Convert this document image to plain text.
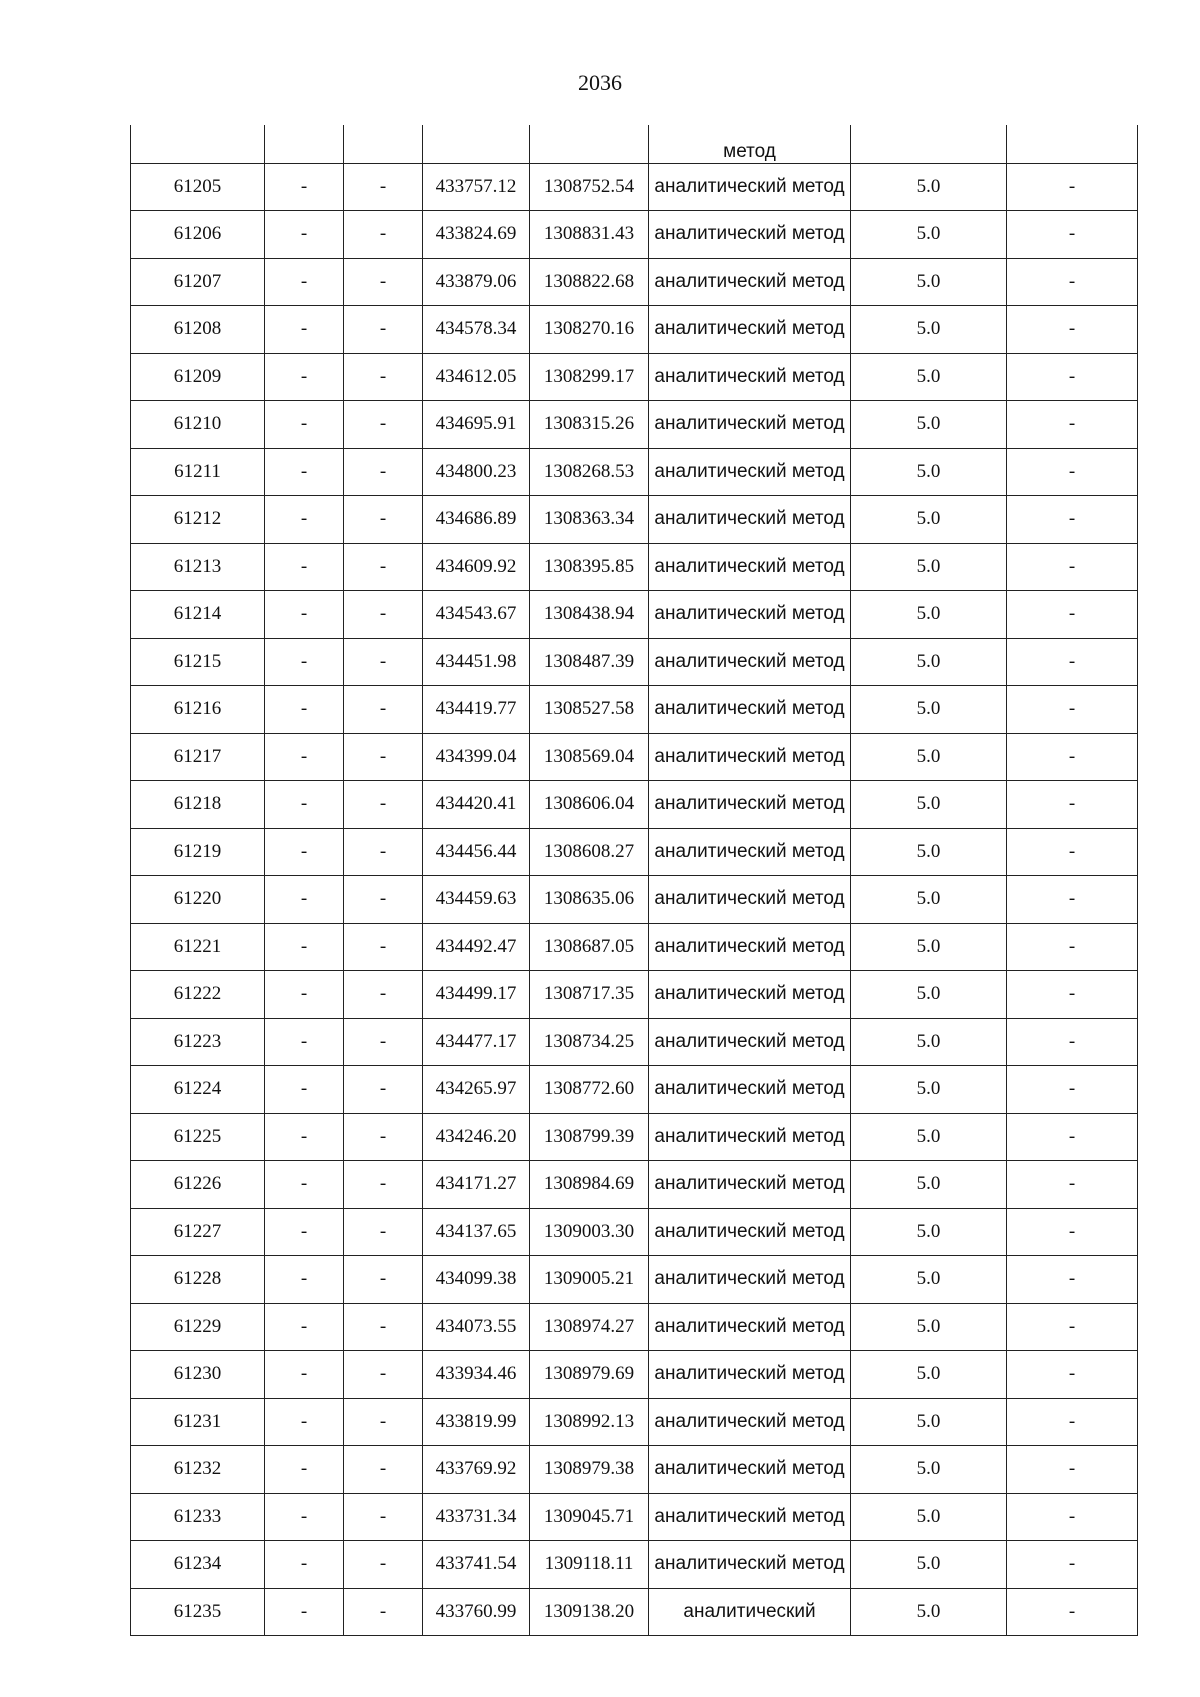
2036
					метод		
61205	-	-	433757.12	1308752.54	аналитический метод	5.0	-
61206	-	-	433824.69	1308831.43	аналитический метод	5.0	-
61207	-	-	433879.06	1308822.68	аналитический метод	5.0	-
61208	-	-	434578.34	1308270.16	аналитический метод	5.0	-
61209	-	-	434612.05	1308299.17	аналитический метод	5.0	-
61210	-	-	434695.91	1308315.26	аналитический метод	5.0	-
61211	-	-	434800.23	1308268.53	аналитический метод	5.0	-
61212	-	-	434686.89	1308363.34	аналитический метод	5.0	-
61213	-	-	434609.92	1308395.85	аналитический метод	5.0	-
61214	-	-	434543.67	1308438.94	аналитический метод	5.0	-
61215	-	-	434451.98	1308487.39	аналитический метод	5.0	-
61216	-	-	434419.77	1308527.58	аналитический метод	5.0	-
61217	-	-	434399.04	1308569.04	аналитический метод	5.0	-
61218	-	-	434420.41	1308606.04	аналитический метод	5.0	-
61219	-	-	434456.44	1308608.27	аналитический метод	5.0	-
61220	-	-	434459.63	1308635.06	аналитический метод	5.0	-
61221	-	-	434492.47	1308687.05	аналитический метод	5.0	-
61222	-	-	434499.17	1308717.35	аналитический метод	5.0	-
61223	-	-	434477.17	1308734.25	аналитический метод	5.0	-
61224	-	-	434265.97	1308772.60	аналитический метод	5.0	-
61225	-	-	434246.20	1308799.39	аналитический метод	5.0	-
61226	-	-	434171.27	1308984.69	аналитический метод	5.0	-
61227	-	-	434137.65	1309003.30	аналитический метод	5.0	-
61228	-	-	434099.38	1309005.21	аналитический метод	5.0	-
61229	-	-	434073.55	1308974.27	аналитический метод	5.0	-
61230	-	-	433934.46	1308979.69	аналитический метод	5.0	-
61231	-	-	433819.99	1308992.13	аналитический метод	5.0	-
61232	-	-	433769.92	1308979.38	аналитический метод	5.0	-
61233	-	-	433731.34	1309045.71	аналитический метод	5.0	-
61234	-	-	433741.54	1309118.11	аналитический метод	5.0	-
61235	-	-	433760.99	1309138.20	аналитический	5.0	-
